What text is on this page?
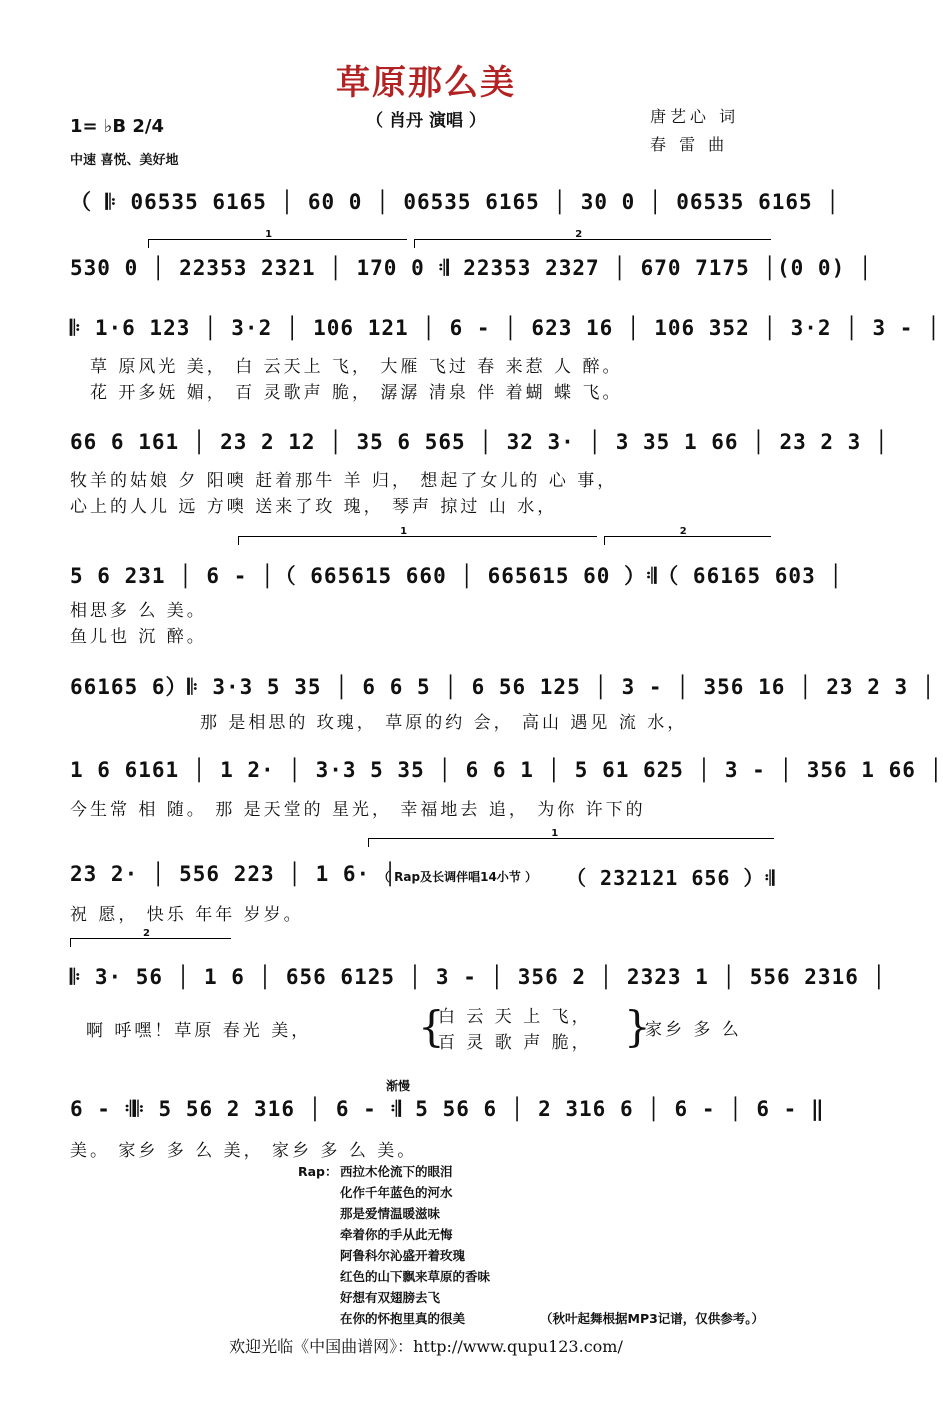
草原那么美
（ 肖丹 演唱 ）
1= ♭B 2/4
中速 喜悦、美好地
唐艺心 词
春 雷 曲
1	2
1	2
1
2
（ 𝄆 06535 6165 │ 60 0 │ 06535 6165 │ 30 0 │ 06535 6165 │
530 0 │ 22353 2321 │ 170 0 𝄇 22353 2327 │ 670 7175 │(0 0) │
𝄆 1·6 123 │ 3·2 │ 106 121 │ 6 - │ 623 16 │ 106 352 │ 3·2 │ 3 - │
草 原风光 美， 白 云天上 飞， 大雁 飞过 春 来惹 人 醉。
花 开多妩 媚， 百 灵歌声 脆， 潺潺 清泉 伴 着蝴 蝶 飞。
66 6 161 │ 23 2 12 │ 35 6 565 │ 32 3· │ 3 35 1 66 │ 23 2 3 │
牧羊的姑娘 夕 阳噢 赶着那牛 羊 归， 想起了女儿的 心 事，
心上的人儿 远 方噢 送来了玫 瑰， 琴声 掠过 山 水，
5 6 231 │ 6 - │（ 665615 660 │ 665615 60 ）𝄇（ 66165 603 │
相思多 么 美。
鱼儿也 沉 醉。
66165 6）𝄆 3·3 5 35 │ 6 6 5 │ 6 56 125 │ 3 - │ 356 16 │ 23 2 3 │
那 是相思的 玫瑰， 草原的约 会， 高山 遇见 流 水，
1 6 6161 │ 1 2· │ 3·3 5 35 │ 6 6 1 │ 5 61 625 │ 3 - │ 356 1 66 │
今生常 相 随。 那 是天堂的 星光， 幸福地去 追， 为你 许下的
23 2· │ 556 223 │ 1 6· │
（ Rap及长调伴唱14小节 ） （ 232121 656 ）𝄇
祝 愿， 快乐 年年 岁岁。
𝄆 3· 56 │ 1 6 │ 656 6125 │ 3 - │ 356 2 │ 2323 1 │ 556 2316 │
啊 呼嘿！草原 春光 美，	{
白 云 天 上 飞，
百 灵 歌 声 脆， }
家乡 多 么
渐慢
6 - 𝄇𝄆 5 56 2 316 │ 6 - 𝄇 5 56 6 │ 2 316 6 │ 6 - │ 6 - ‖
美。 家乡 多 么 美， 家乡 多 么 美。
Rap： 西拉木伦流下的眼泪
化作千年蓝色的河水
那是爱情温暖滋味
牵着你的手从此无悔
阿鲁科尔沁盛开着玫瑰
红色的山下飘来草原的香味
好想有双翅膀去飞
在你的怀抱里真的很美	（秋叶起舞根据MP3记谱，仅供参考。）
欢迎光临《中国曲谱网》：http://www.qupu123.com/
